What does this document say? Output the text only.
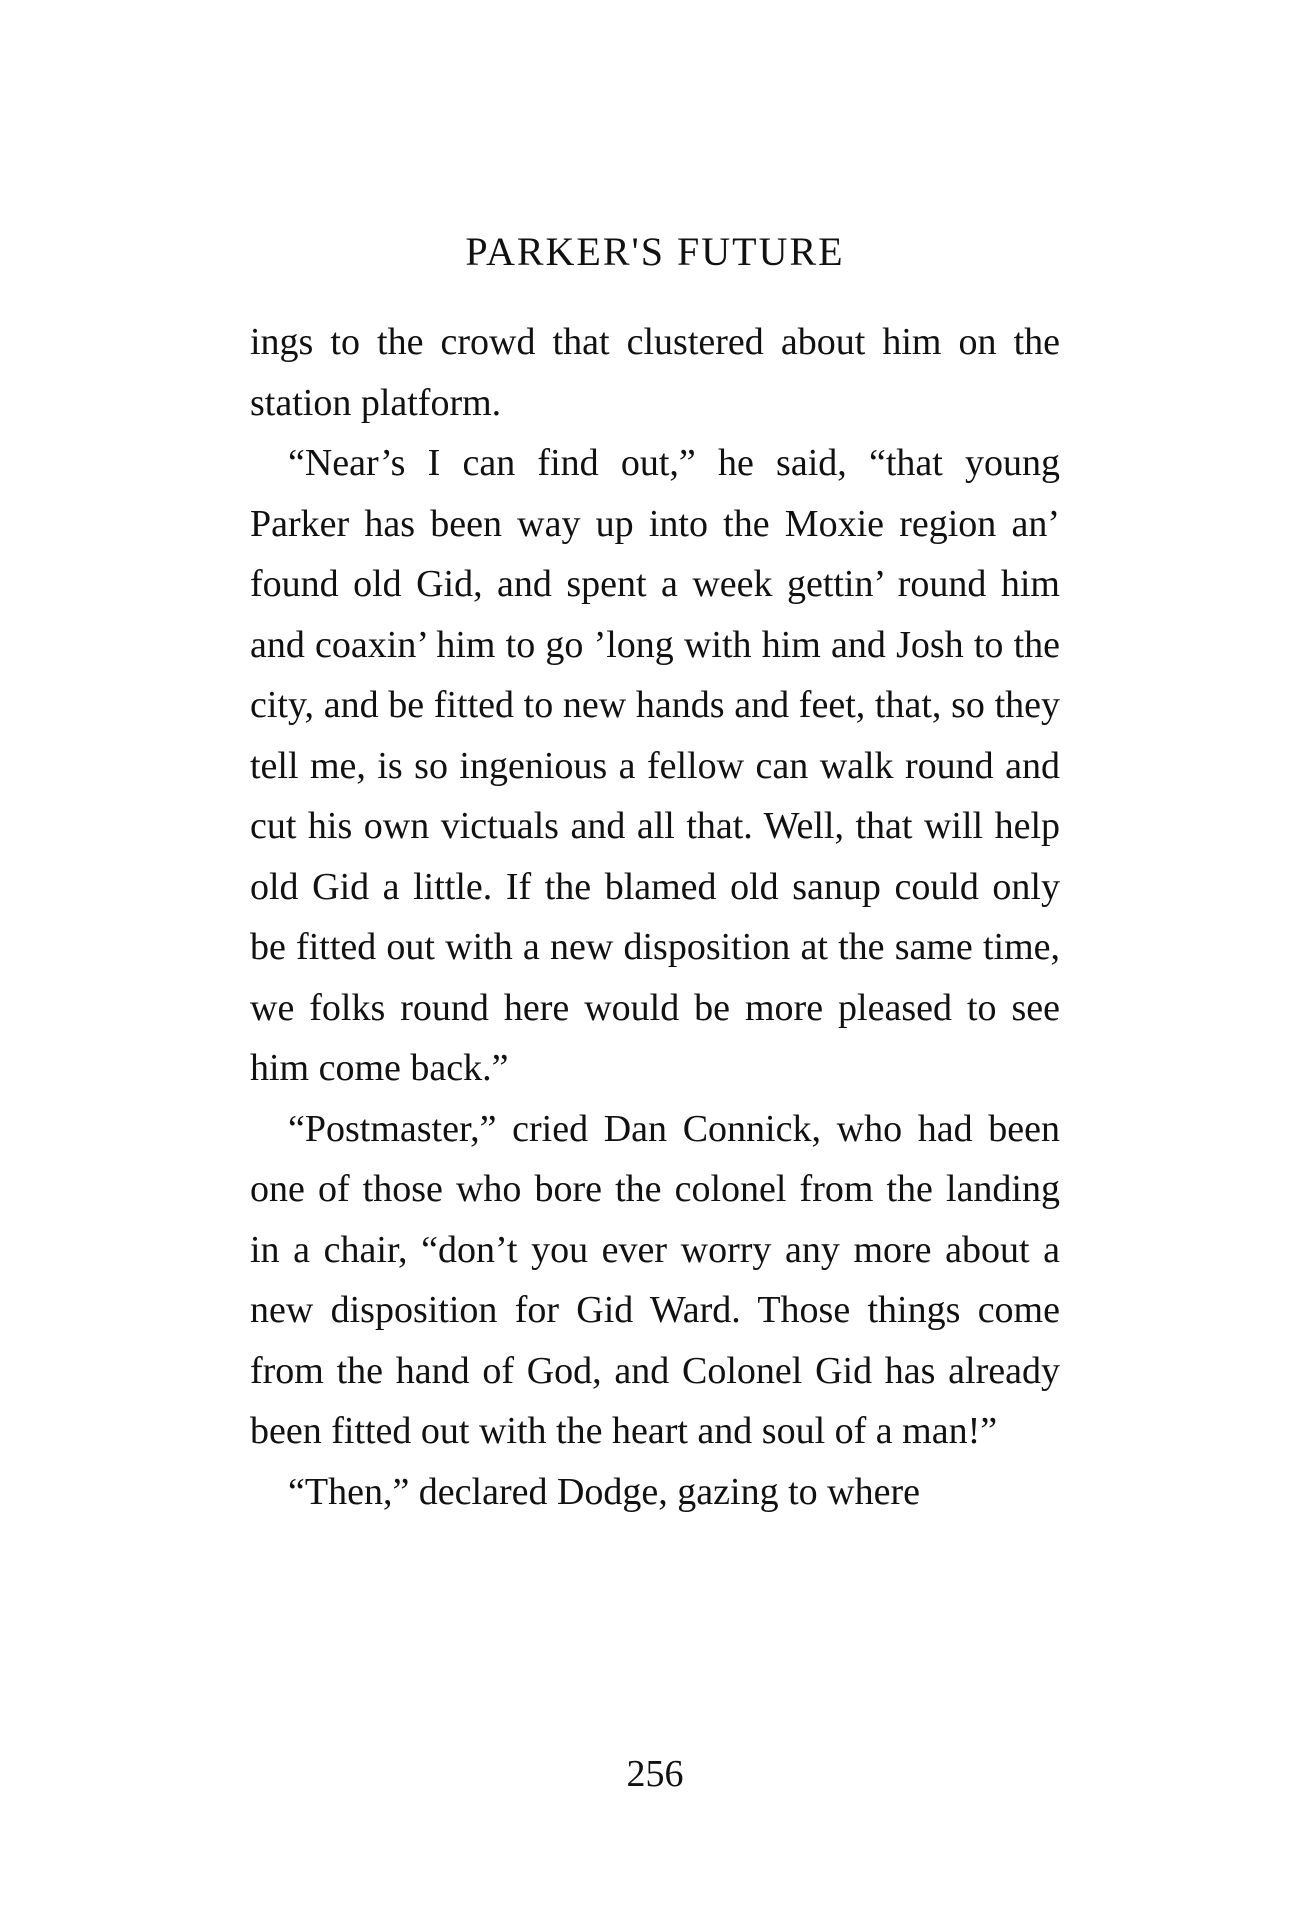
PARKER'S FUTURE

ings to the crowd that clustered about him on the station platform.

“Near’s I can find out,” he said, “that young Parker has been way up into the Moxie region an’ found old Gid, and spent a week gettin’ round him and coaxin’ him to go ’long with him and Josh to the city, and be fitted to new hands and feet, that, so they tell me, is so ingenious a fellow can walk round and cut his own victuals and all that. Well, that will help old Gid a little. If the blamed old sanup could only be fitted out with a new disposition at the same time, we folks round here would be more pleased to see him come back.”

“Postmaster,” cried Dan Connick, who had been one of those who bore the colonel from the landing in a chair, “don’t you ever worry any more about a new disposition for Gid Ward. Those things come from the hand of God, and Colonel Gid has already been fitted out with the heart and soul of a man!”

“Then,” declared Dodge, gazing to where

256
